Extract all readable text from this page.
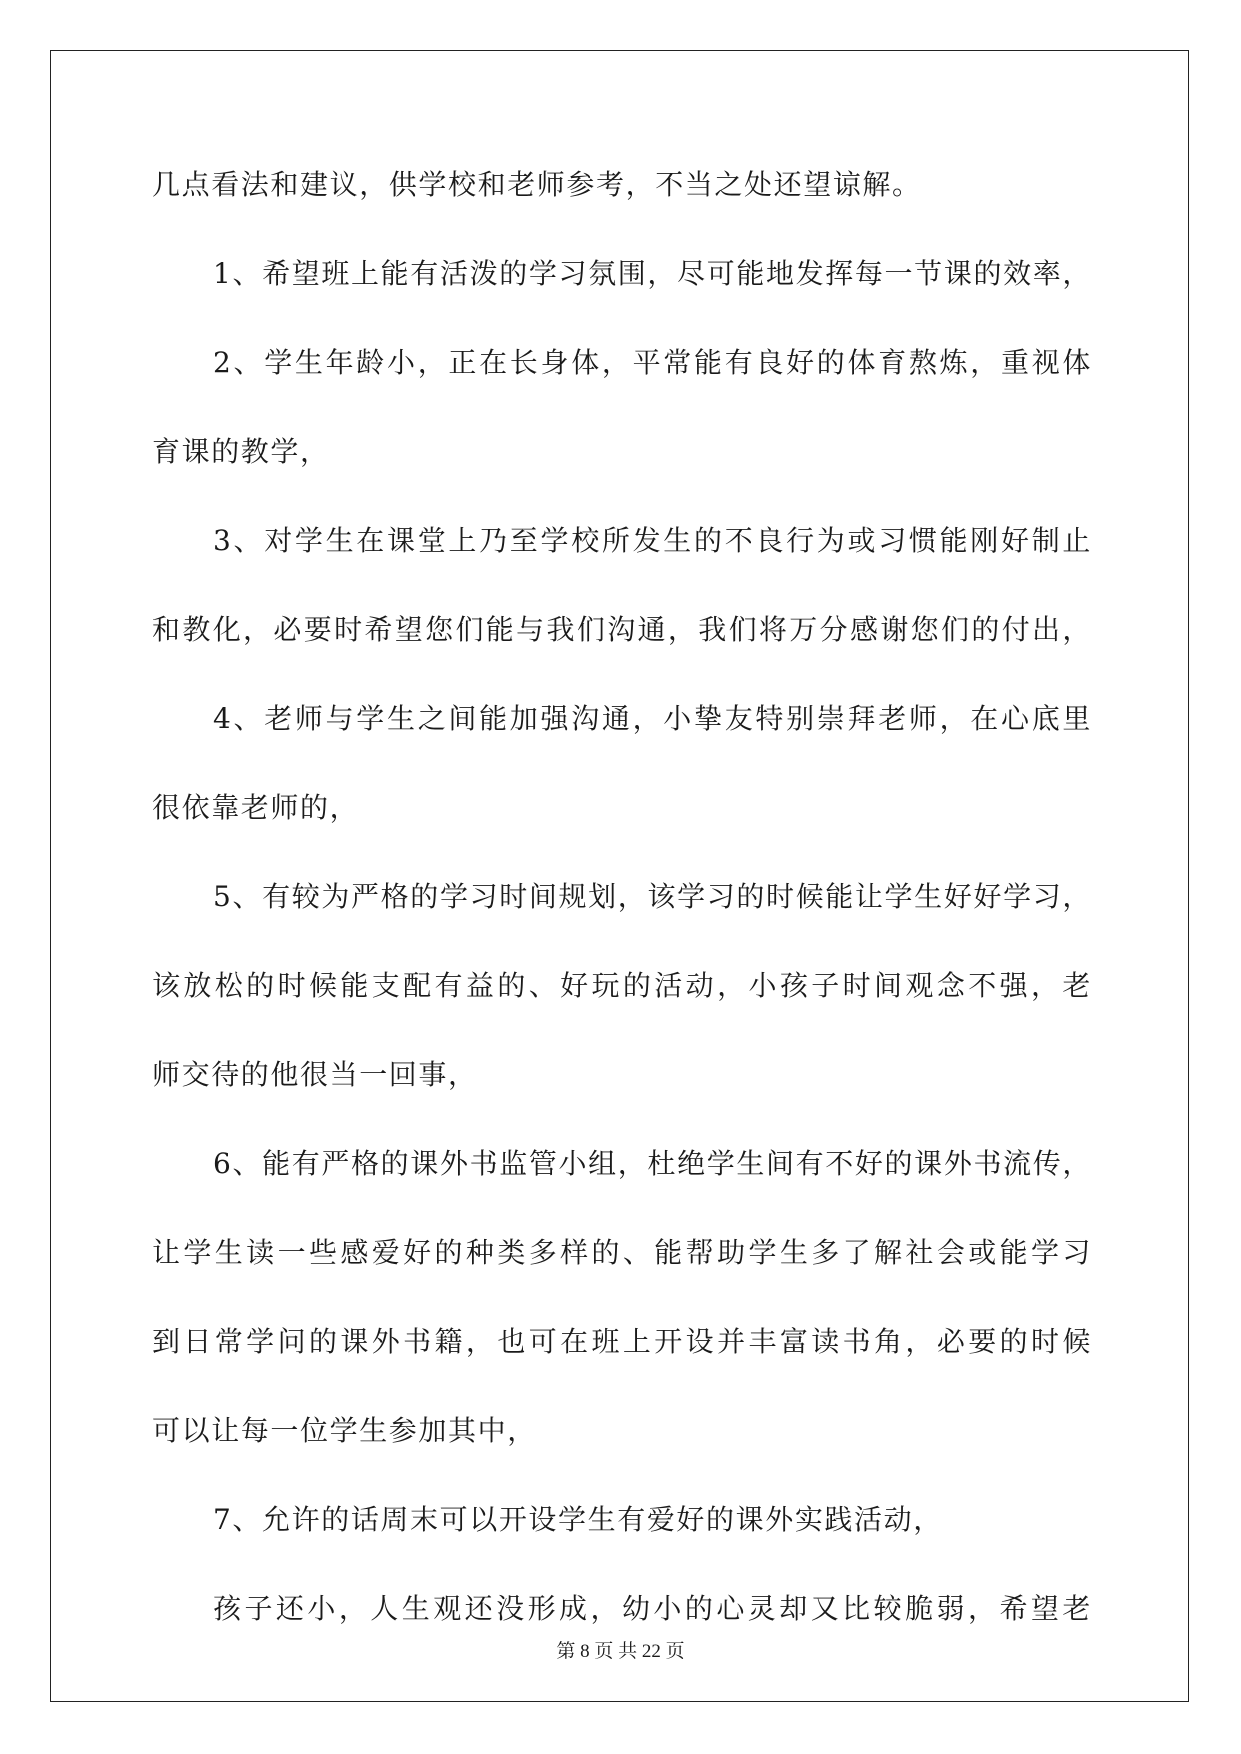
几点看法和建议，供学校和老师参考，不当之处还望谅解。
1、希望班上能有活泼的学习氛围，尽可能地发挥每一节课的效率，
2、学生年龄小，正在长身体，平常能有良好的体育熬炼，重视体
育课的教学，
3、对学生在课堂上乃至学校所发生的不良行为或习惯能刚好制止
和教化，必要时希望您们能与我们沟通，我们将万分感谢您们的付出，
4、老师与学生之间能加强沟通，小挚友特别崇拜老师，在心底里
很依靠老师的，
5、有较为严格的学习时间规划，该学习的时候能让学生好好学习，
该放松的时候能支配有益的、好玩的活动，小孩子时间观念不强，老
师交待的他很当一回事，
6、能有严格的课外书监管小组，杜绝学生间有不好的课外书流传，
让学生读一些感爱好的种类多样的、能帮助学生多了解社会或能学习
到日常学问的课外书籍，也可在班上开设并丰富读书角，必要的时候
可以让每一位学生参加其中，
7、允许的话周末可以开设学生有爱好的课外实践活动，
孩子还小，人生观还没形成，幼小的心灵却又比较脆弱，希望老
第 8 页 共 22 页
